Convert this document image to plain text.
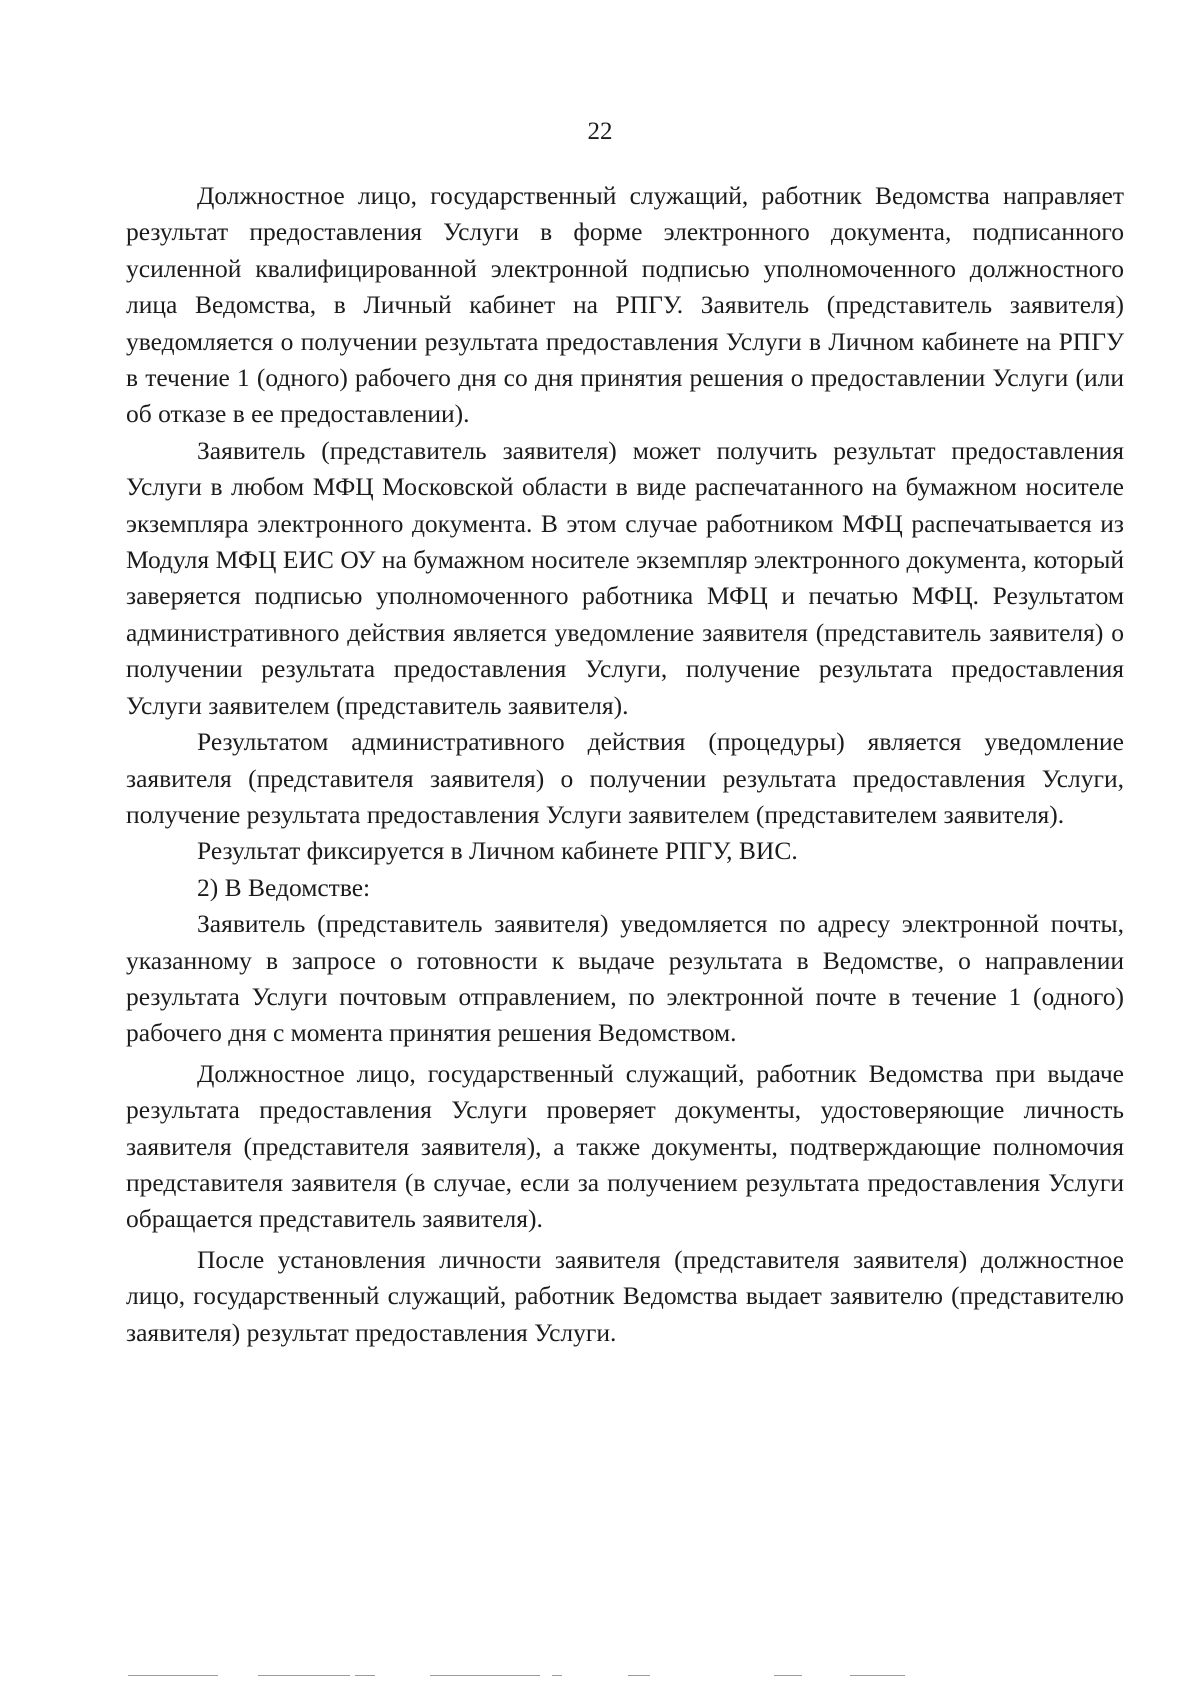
22

Должностное лицо, государственный служащий, работник Ведомства направляет результат предоставления Услуги в форме электронного документа, подписанного усиленной квалифицированной электронной подписью уполномоченного должностного лица Ведомства, в Личный кабинет на РПГУ. Заявитель (представитель заявителя) уведомляется о получении результата предоставления Услуги в Личном кабинете на РПГУ в течение 1 (одного) рабочего дня со дня принятия решения о предоставлении Услуги (или об отказе в ее предоставлении).

Заявитель (представитель заявителя) может получить результат предоставления Услуги в любом МФЦ Московской области в виде распечатанного на бумажном носителе экземпляра электронного документа. В этом случае работником МФЦ распечатывается из Модуля МФЦ ЕИС ОУ на бумажном носителе экземпляр электронного документа, который заверяется подписью уполномоченного работника МФЦ и печатью МФЦ. Результатом административного действия является уведомление заявителя (представитель заявителя) о получении результата предоставления Услуги, получение результата предоставления Услуги заявителем (представитель заявителя).

Результатом административного действия (процедуры) является уведомление заявителя (представителя заявителя) о получении результата предоставления Услуги, получение результата предоставления Услуги заявителем (представителем заявителя).

Результат фиксируется в Личном кабинете РПГУ, ВИС.

2) В Ведомстве:

Заявитель (представитель заявителя) уведомляется по адресу электронной почты, указанному в запросе о готовности к выдаче результата в Ведомстве, о направлении результата Услуги почтовым отправлением, по электронной почте в течение 1 (одного) рабочего дня с момента принятия решения Ведомством.

Должностное лицо, государственный служащий, работник Ведомства при выдаче результата предоставления Услуги проверяет документы, удостоверяющие личность заявителя (представителя заявителя), а также документы, подтверждающие полномочия представителя заявителя (в случае, если за получением результата предоставления Услуги обращается представитель заявителя).

После установления личности заявителя (представителя заявителя) должностное лицо, государственный служащий, работник Ведомства выдает заявителю (представителю заявителя) результат предоставления Услуги.
